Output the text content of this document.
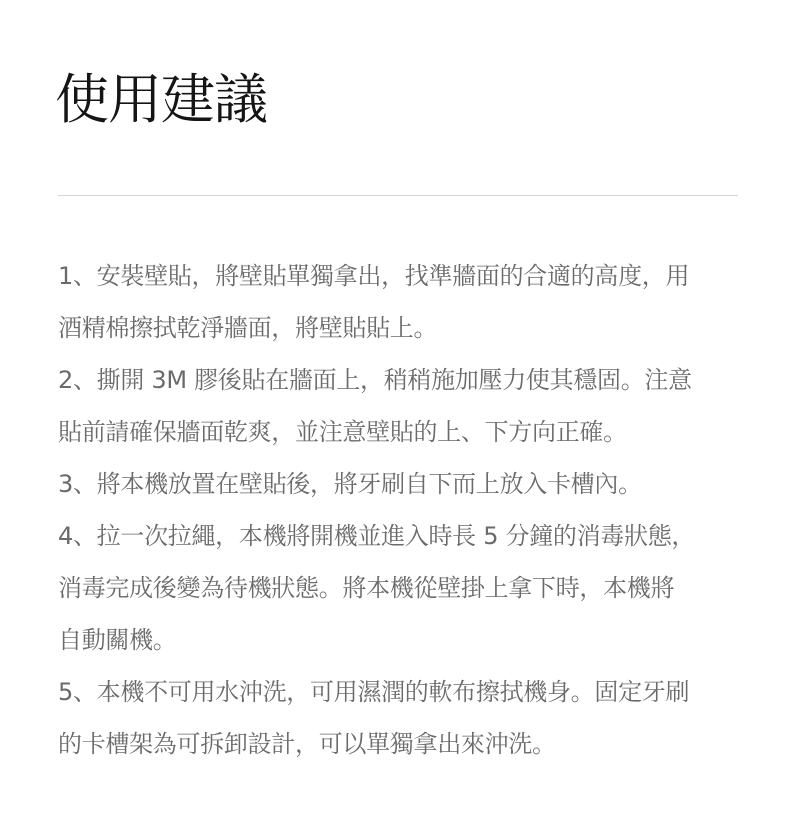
使用建議
1、安裝壁貼，將壁貼單獨拿出，找準牆面的合適的高度，用
酒精棉擦拭乾淨牆面，將壁貼貼上。
2、撕開 3M 膠後貼在牆面上，稍稍施加壓力使其穩固。注意
貼前請確保牆面乾爽，並注意壁貼的上、下方向正確。
3、將本機放置在壁貼後，將牙刷自下而上放入卡槽內。
4、拉一次拉繩，本機將開機並進入時長 5 分鐘的消毒狀態，
消毒完成後變為待機狀態。將本機從壁掛上拿下時，本機將
自動關機。
5、本機不可用水沖洗，可用濕潤的軟布擦拭機身。固定牙刷
的卡槽架為可拆卸設計，可以單獨拿出來沖洗。
